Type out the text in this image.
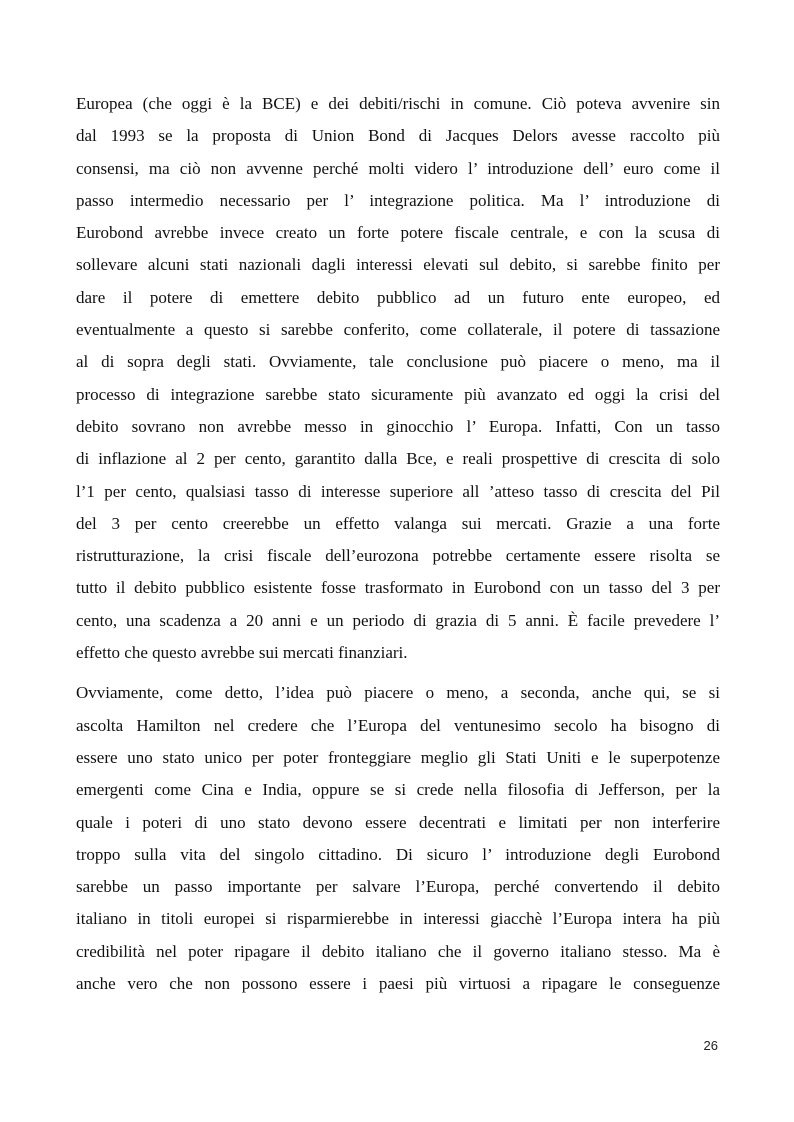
Europea (che oggi è la BCE) e dei debiti/rischi in comune. Ciò poteva avvenire sin
dal 1993 se la proposta di Union Bond di Jacques Delors avesse raccolto più
consensi, ma ciò non avvenne perché molti videro l’ introduzione dell’ euro come il
passo intermedio necessario per l’ integrazione politica. Ma l’ introduzione di
Eurobond avrebbe invece creato un forte potere fiscale centrale, e con la scusa di
sollevare alcuni stati nazionali dagli interessi elevati sul debito, si sarebbe finito per
dare il potere di emettere debito pubblico ad un futuro ente europeo, ed
eventualmente a questo si sarebbe conferito, come collaterale, il potere di tassazione
al di sopra degli stati. Ovviamente, tale conclusione può piacere o meno, ma il
processo di integrazione sarebbe stato sicuramente più avanzato ed oggi la crisi del
debito sovrano non avrebbe messo in ginocchio l’ Europa. Infatti, Con un tasso
di inflazione al 2 per cento, garantito dalla Bce, e reali prospettive di crescita di solo
l’1 per cento, qualsiasi tasso di interesse superiore all ’atteso tasso di crescita del Pil
del 3 per cento creerebbe un effetto valanga sui mercati. Grazie a una forte
ristrutturazione, la crisi fiscale dell’eurozona potrebbe certamente essere risolta se
tutto il debito pubblico esistente fosse trasformato in Eurobond con un tasso del 3 per
cento, una scadenza a 20 anni e un periodo di grazia di 5 anni. È facile prevedere l’
effetto che questo avrebbe sui mercati finanziari.
Ovviamente, come detto, l’idea può piacere o meno, a seconda, anche qui, se si
ascolta Hamilton nel credere che l’Europa del ventunesimo secolo ha bisogno di
essere uno stato unico per poter fronteggiare meglio gli Stati Uniti e le superpotenze
emergenti come Cina e India, oppure se si crede nella filosofia di Jefferson, per la
quale i poteri di uno stato devono essere decentrati e limitati per non interferire
troppo sulla vita del singolo cittadino. Di sicuro l’ introduzione degli Eurobond
sarebbe un passo importante per salvare l’Europa, perché convertendo il debito
italiano in titoli europei si risparmierebbe in interessi giacchè l’Europa intera ha più
credibilità nel poter ripagare il debito italiano che il governo italiano stesso. Ma è
anche vero che non possono essere i paesi più virtuosi a ripagare le conseguenze
26
